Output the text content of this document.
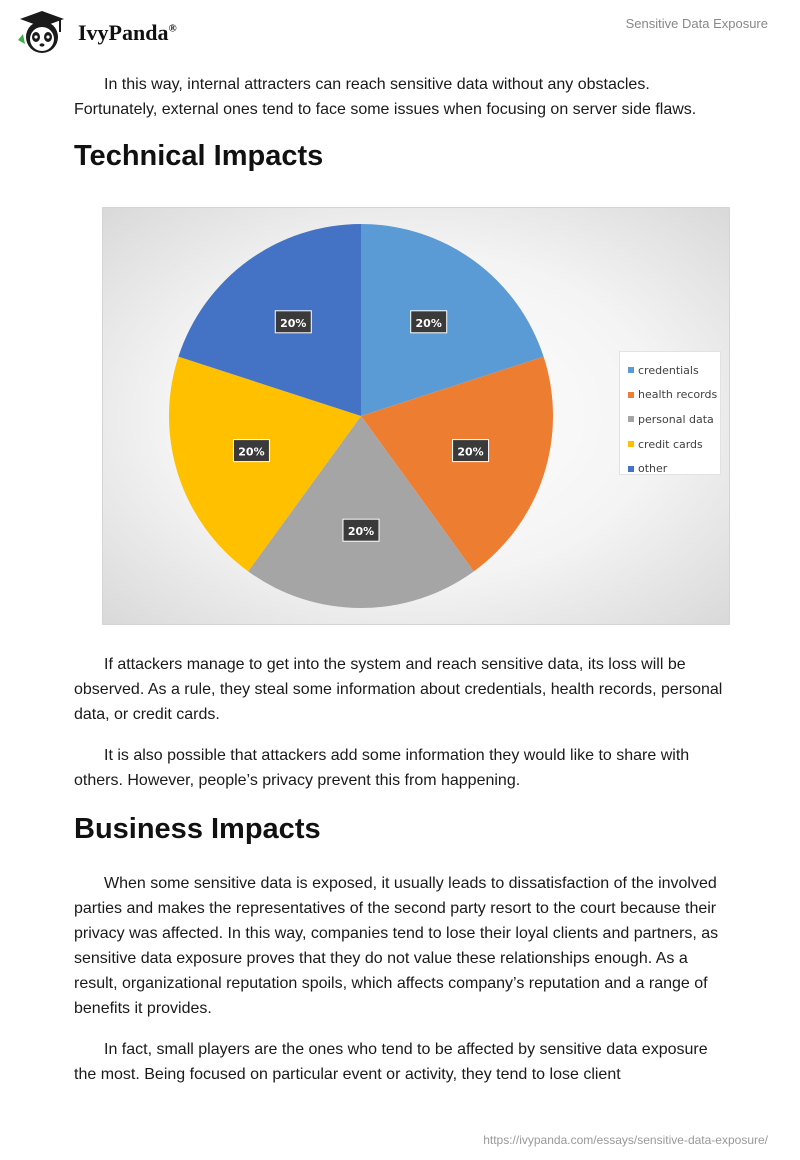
IvyPanda®	Sensitive Data Exposure

In this way, internal attracters can reach sensitive data without any obstacles. Fortunately, external ones tend to face some issues when focusing on server side flaws.

Technical Impacts
20%
20%
20%
20%
20%
credentials
health records
personal data
credit cards
other

If attackers manage to get into the system and reach sensitive data, its loss will be observed. As a rule, they steal some information about credentials, health records, personal data, or credit cards.

It is also possible that attackers add some information they would like to share with others. However, people’s privacy prevent this from happening.

Business Impacts

When some sensitive data is exposed, it usually leads to dissatisfaction of the involved parties and makes the representatives of the second party resort to the court because their privacy was affected. In this way, companies tend to lose their loyal clients and partners, as sensitive data exposure proves that they do not value these relationships enough. As a result, organizational reputation spoils, which affects company’s reputation and a range of benefits it provides.

In fact, small players are the ones who tend to be affected by sensitive data exposure the most. Being focused on particular event or activity, they tend to lose client

https://ivypanda.com/essays/sensitive-data-exposure/
